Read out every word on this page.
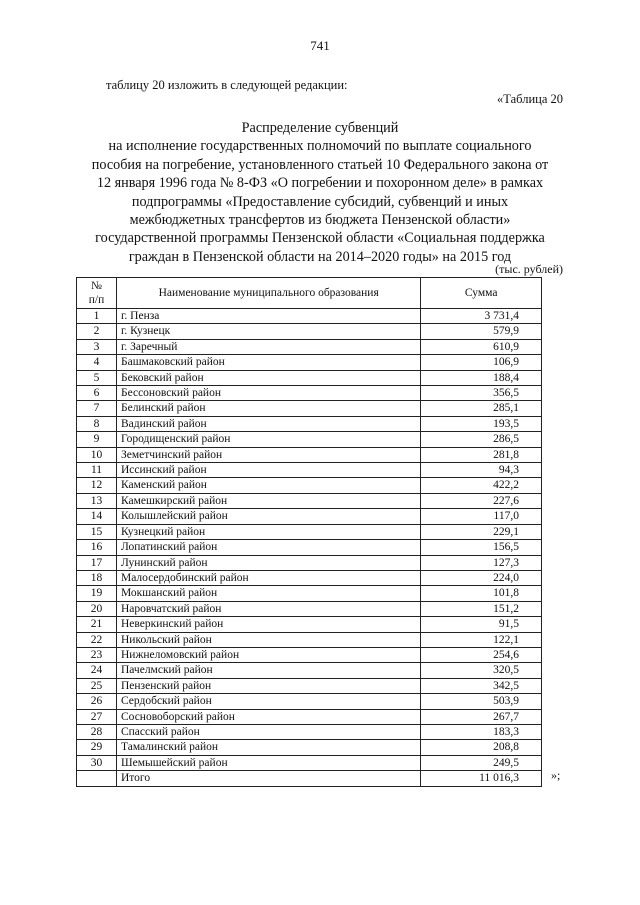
741
таблицу 20 изложить в следующей редакции:
«Таблица 20
Распределение субвенций
на исполнение государственных полномочий по выплате социального
пособия на погребение, установленного статьей 10 Федерального закона от
12 января 1996 года № 8-ФЗ «О погребении и похоронном деле» в рамках
подпрограммы «Предоставление субсидий, субвенций и иных
межбюджетных трансфертов из бюджета Пензенской области»
государственной программы Пензенской области «Социальная поддержка
граждан в Пензенской области на 2014–2020 годы» на 2015 год
(тыс. рублей)
№
п/п	Наименование муниципального образования	Сумма
1	г. Пенза	3 731,4
2	г. Кузнецк	579,9
3	г. Заречный	610,9
4	Башмаковский район	106,9
5	Бековский район	188,4
6	Бессоновский район	356,5
7	Белинский район	285,1
8	Вадинский район	193,5
9	Городищенский район	286,5
10	Земетчинский район	281,8
11	Иссинский район	94,3
12	Каменский район	422,2
13	Камешкирский район	227,6
14	Колышлейский район	117,0
15	Кузнецкий район	229,1
16	Лопатинский район	156,5
17	Лунинский район	127,3
18	Малосердобинский район	224,0
19	Мокшанский район	101,8
20	Наровчатский район	151,2
21	Неверкинский район	91,5
22	Никольский район	122,1
23	Нижнеломовский район	254,6
24	Пачелмский район	320,5
25	Пензенский район	342,5
26	Сердобский район	503,9
27	Сосновоборский район	267,7
28	Спасский район	183,3
29	Тамалинский район	208,8
30	Шемышейский район	249,5
	Итого	11 016,3	»;
